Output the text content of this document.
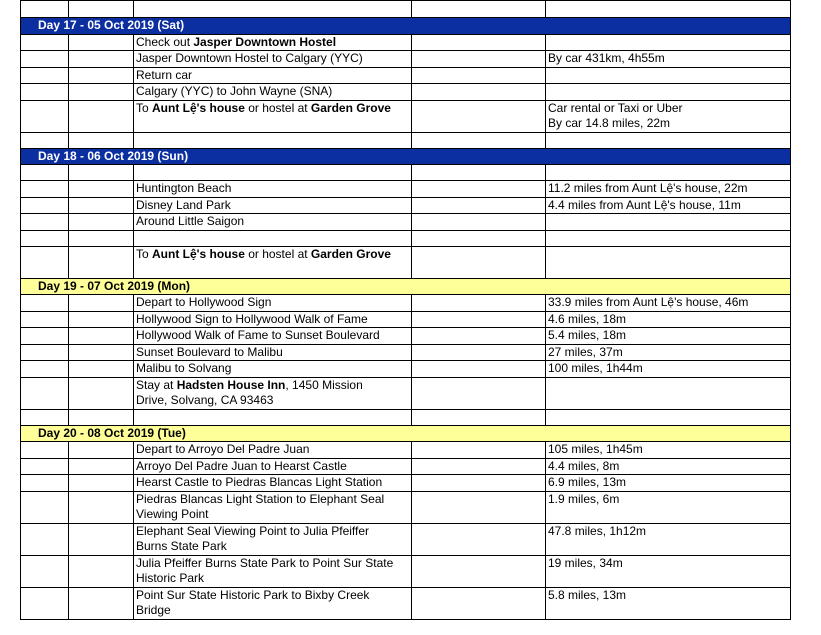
Day 17 - 05 Oct 2019 (Sat)				
		Check out Jasper Downtown Hostel		
		Jasper Downtown Hostel to Calgary (YYC)		By car 431km, 4h55m
		Return car		
		Calgary (YYC) to John Wayne (SNA)		
		To Aunt Lệ's house or hostel at Garden Grove		Car rental or Taxi or Uber
By car 14.8 miles, 22m

Day 18 - 06 Oct 2019 (Sun)				

		Huntington Beach		11.2 miles from Aunt Lệ's house, 22m
		Disney Land Park		4.4 miles from Aunt Lệ's house, 11m
		Around Little Saigon		

		To Aunt Lệ's house or hostel at Garden Grove		
Day 19 - 07 Oct 2019 (Mon)				
		Depart to Hollywood Sign		33.9 miles from Aunt Lệ's house, 46m
		Hollywood Sign to Hollywood Walk of Fame		4.6 miles, 18m
		Hollywood Walk of Fame to Sunset Boulevard		5.4 miles, 18m
		Sunset Boulevard to Malibu		27 miles, 37m
		Malibu to Solvang		100 miles, 1h44m
		Stay at Hadsten House Inn, 1450 Mission
Drive, Solvang, CA 93463		

Day 20 - 08 Oct 2019 (Tue)				
		Depart to Arroyo Del Padre Juan		105 miles, 1h45m
		Arroyo Del Padre Juan to Hearst Castle		4.4 miles, 8m
		Hearst Castle to Piedras Blancas Light Station		6.9 miles, 13m
		Piedras Blancas Light Station to Elephant Seal
Viewing Point		1.9 miles, 6m
		Elephant Seal Viewing Point to Julia Pfeiffer
Burns State Park		47.8 miles, 1h12m
		Julia Pfeiffer Burns State Park to Point Sur State
Historic Park		19 miles, 34m
		Point Sur State Historic Park to Bixby Creek
Bridge		5.8 miles, 13m
